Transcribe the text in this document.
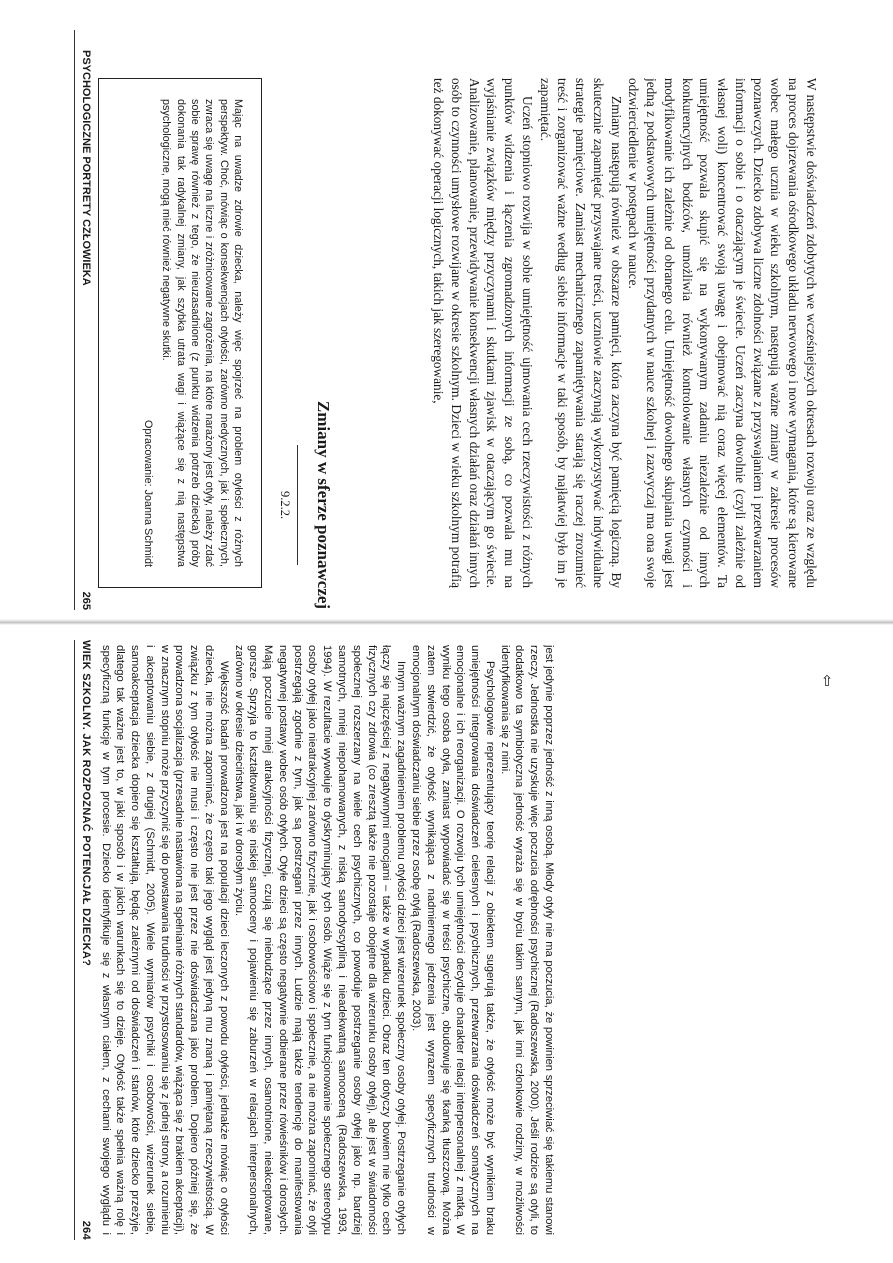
264
WIEK SZKOLNY. JAK ROZPOZNAĆ POTENCJAŁ DZIECKA?	jest jedynie poprzez jedność z inną osobą. Młody otyły nie ma poczucia, że powinien sprzeciwiać się takiemu stanowi rzeczy. Jednostka nie uzyskuje więc poczucia odrębności psychicznej (Radoszewska, 2000). Jeśli rodzice są otyli, to dodatkowo ta symbiotyczna jedność wyraża się w byciu takim samym, jak inni członkowie rodziny, w możliwości identyfikowania się z nimi.

Psychologowie reprezentujący teorię relacji z obiektem sugerują także, że otyłość może być wynikiem braku umiejętności integrowania doświadczeń cielesnych i psychicznych, przetwarzania doświadczeń somatycznych na emocjonalne i ich reorganizacji. O rozwoju tych umiejętności decyduje charakter relacji interpersonalnej z matką. W wyniku tego osoba otyła, zamiast wypowiadać się w treści psychiczne, obudowuje się tkanką tłuszczową. Można zatem stwierdzić, że otyłość wynikająca z nadmiernego jedzenia jest wyrazem specyficznych trudności w emocjonalnym doświadczaniu siebie przez osobę otyłą (Radoszewska, 2003).

Innym ważnym zagadnieniem problemu otyłości dzieci jest wizerunek społeczny osoby otyłej. Postrzeganie otyłych łączy się najczęściej z negatywnymi emocjami – także w wypadku dzieci. Obraz ten dotyczy bowiem nie tylko cech fizycznych czy zdrowia (co zresztą także nie pozostaje obojętne dla wizerunku osoby otyłej), ale jest w świadomości społecznej rozszerzany na wiele cech psychicznych, co powoduje postrzeganie osoby otyłej jako np. bardziej samotnych, mniej niepohamowanych, z niską samodyscypliną i nieadekwatną samooceną (Radoszewska, 1993, 1994). W rezultacie wywołuje to dyskryminujący tych osób. Wiąże się z tym funkcjonowanie społecznego stereotypu osoby otyłej jako nieatrakcyjnej zarówno fizycznie, jak i osobowościowo i społecznie, a nie można zapominać, że otyli postrzegają zgodnie z tym, jak są postrzegani przez innych. Ludzie mają także tendencję do manifestowania negatywnej postawy wobec osób otyłych. Otyłe dzieci są często negatywnie odbierane przez rówieśników i dorosłych. Mają poczucie mniej atrakcyjności fizycznej, czują się niebudzące przez innych, osamotnione, nieakceptowane, gorsze. Sprzyja to kształtowaniu się niskiej samooceny i pojawieniu się zaburzeń w relacjach interpersonalnych, zarówno w okresie dzieciństwa, jak i w dorosłym życiu.

Większość badań prowadzona jest na populacji dzieci leczonych z powodu otyłości, jednakże mówiąc o otyłości dziecka, nie można zapominać, że często taki jego wygląd jest jedyną mu znaną i pamiętaną rzeczywistością. W związku z tym otyłość nie musi i często nie jest przez nie doświadczana jako problem. Dopiero później się, że prowadzona socjalizacja (przesadnie nastawiona na spełnianie różnych standardów, wiążąca się z brakiem akceptacji), w znacznym stopniu może przyczynić się do powstawania trudności w przystosowaniu się z jednej strony, a rozumieniu i akceptowaniu siebie, z drugiej (Schmidt, 2005). Wiele wymiarów psychiki i osobowości, wizerunek siebie, samoakceptacja dziecka dopiero się kształtują, będąc zależnymi od doświadczeń i stanów, które dziecko przeżyje, dlatego tak ważne jest to, w jaki sposób i w jakich warunkach się to dzieje. Otyłość także spełnia ważną rolę i specyficzną funkcję w tym procesie. Dziecko identyfikuje się z własnym ciałem, z cechami swojego wyglądu i

⇧
PSYCHOLOGICZNE PORTRETY CZŁOWIEKA
265
Mając na uwadze zdrowie dziecka, należy więc spojrzeć na problem otyłości z różnych perspektyw. Choć, mówiąc o konsekwencjach otyłości, zarówno medycznych, jak i społecznych, zwraca się uwagę na liczne i zróżnicowane zagrożenia, na które narażony jest otyły, należy zdać sobie sprawę również z tego, że nieuzasadnione (z punktu widzenia potrzeb dziecka) próby dokonania tak radykalnej zmiany, jak szybka utrata wagi i wiążące się z nią następstwa psychologiczne, mogą mieć również negatywne skutki.
Opracowanie: Joanna Schmidt	9.2.2. Zmiany w sferze poznawczej	W następstwie doświadczeń zdobytych we wcześniejszych okresach rozwoju oraz ze względu na proces dojrzewania ośrodkowego układu nerwowego i nowe wymagania, które są kierowane wobec małego ucznia w wieku szkolnym, następują ważne zmiany w zakresie procesów poznawczych. Dziecko zdobywa liczne zdolności związane z przyswajaniem i przetwarzaniem informacji o sobie i o otaczającym je świecie. Uczeń zaczyna dowolnie (czyli zależnie od własnej woli) koncentrować swoją uwagę i obejmować nią coraz więcej elementów. Ta umiejętność pozwala skupić się na wykonywanym zadaniu niezależnie od innych konkurencyjnych bodźców, umożliwia również kontrolowanie własnych czynności i modyfikowanie ich zależnie od obranego celu. Umiejętność dowolnego skupiania uwagi jest jedną z podstawowych umiejętności przydatnych w nauce szkolnej i zazwyczaj ma ona swoje odzwierciedlenie w postępach w nauce.

Zmiany następują również w obszarze pamięci, która zaczyna być pamięcią logiczną. By skutecznie zapamiętać przyswajane treści, uczniowie zaczynają wykorzystywać indywidualne strategie pamięciowe. Zamiast mechanicznego zapamiętywania starają się raczej zrozumieć treść i zorganizować ważne według siebie informacje w taki sposób, by najłatwiej było im je zapamiętać.

Uczeń stopniowo rozwija w sobie umiejętność ujmowania cech rzeczywistości z różnych punktów widzenia i łączenia zgromadzonych informacji ze sobą, co pozwala mu na wyjaśnianie związków między przyczynami i skutkami zjawisk w otaczającym go świecie. Analizowanie, planowanie, przewidywanie konsekwencji własnych działań oraz działań innych osób to czynności umysłowe rozwijane w okresie szkolnym. Dzieci w wieku szkolnym potrafią też dokonywać operacji logicznych, takich jak szeregowanie,
